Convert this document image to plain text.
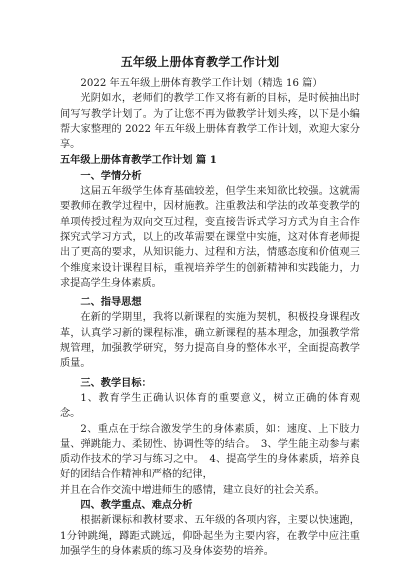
五年级上册体育教学工作计划

2022 年五年级上册体育教学工作计划（精选 16 篇）

光阴如水，老师们的教学工作又将有新的目标，是时候抽出时间写写教学计划了。为了让您不再为做教学计划头疼，以下是小编帮大家整理的 2022 年五年级上册体育教学工作计划，欢迎大家分享。

五年级上册体育教学工作计划 篇 1

一、学情分析

这届五年级学生体育基础较差，但学生来知欲比较强。这就需要教师在教学过程中，因材施教。注重教法和学法的改革变教学的单项传授过程为双向交互过程，变直接告诉式学习方式为自主合作探究式学习方式，以上的改革需要在课堂中实施，这对体育老师提出了更高的要求，从知识能力、过程和方法，情感态度和价值观三个维度来设计课程目标，重视培养学生的创新精神和实践能力，力求提高学生身体素质。

二、指导思想

在新的学期里，我将以新课程的实施为契机，积极投身课程改革，认真学习新的课程标准，确立新课程的基本理念，加强教学常规管理，加强教学研究，努力提高自身的整体水平，全面提高教学质量。

三、教学目标：

1、教育学生正确认识体育的重要意义，树立正确的体育观念。

2、重点在于综合激发学生的身体素质，如：速度、上下肢力量、弹跳能力、柔韧性、协调性等的结合。　3、学生能主动参与素质动作技术的学习与练习之中。　4、提高学生的身体素质，培养良好的团结合作精神和严格的纪律，

并且在合作交流中增进师生的感情，建立良好的社会关系。

四、教学重点、难点分析

根据新课标和教材要求、五年级的各项内容，主要以快速跑，1分钟跳绳，蹲距式跳远，仰卧起坐为主要内容，在教学中应注重加强学生的身体素质的练习及身体姿势的培养。
